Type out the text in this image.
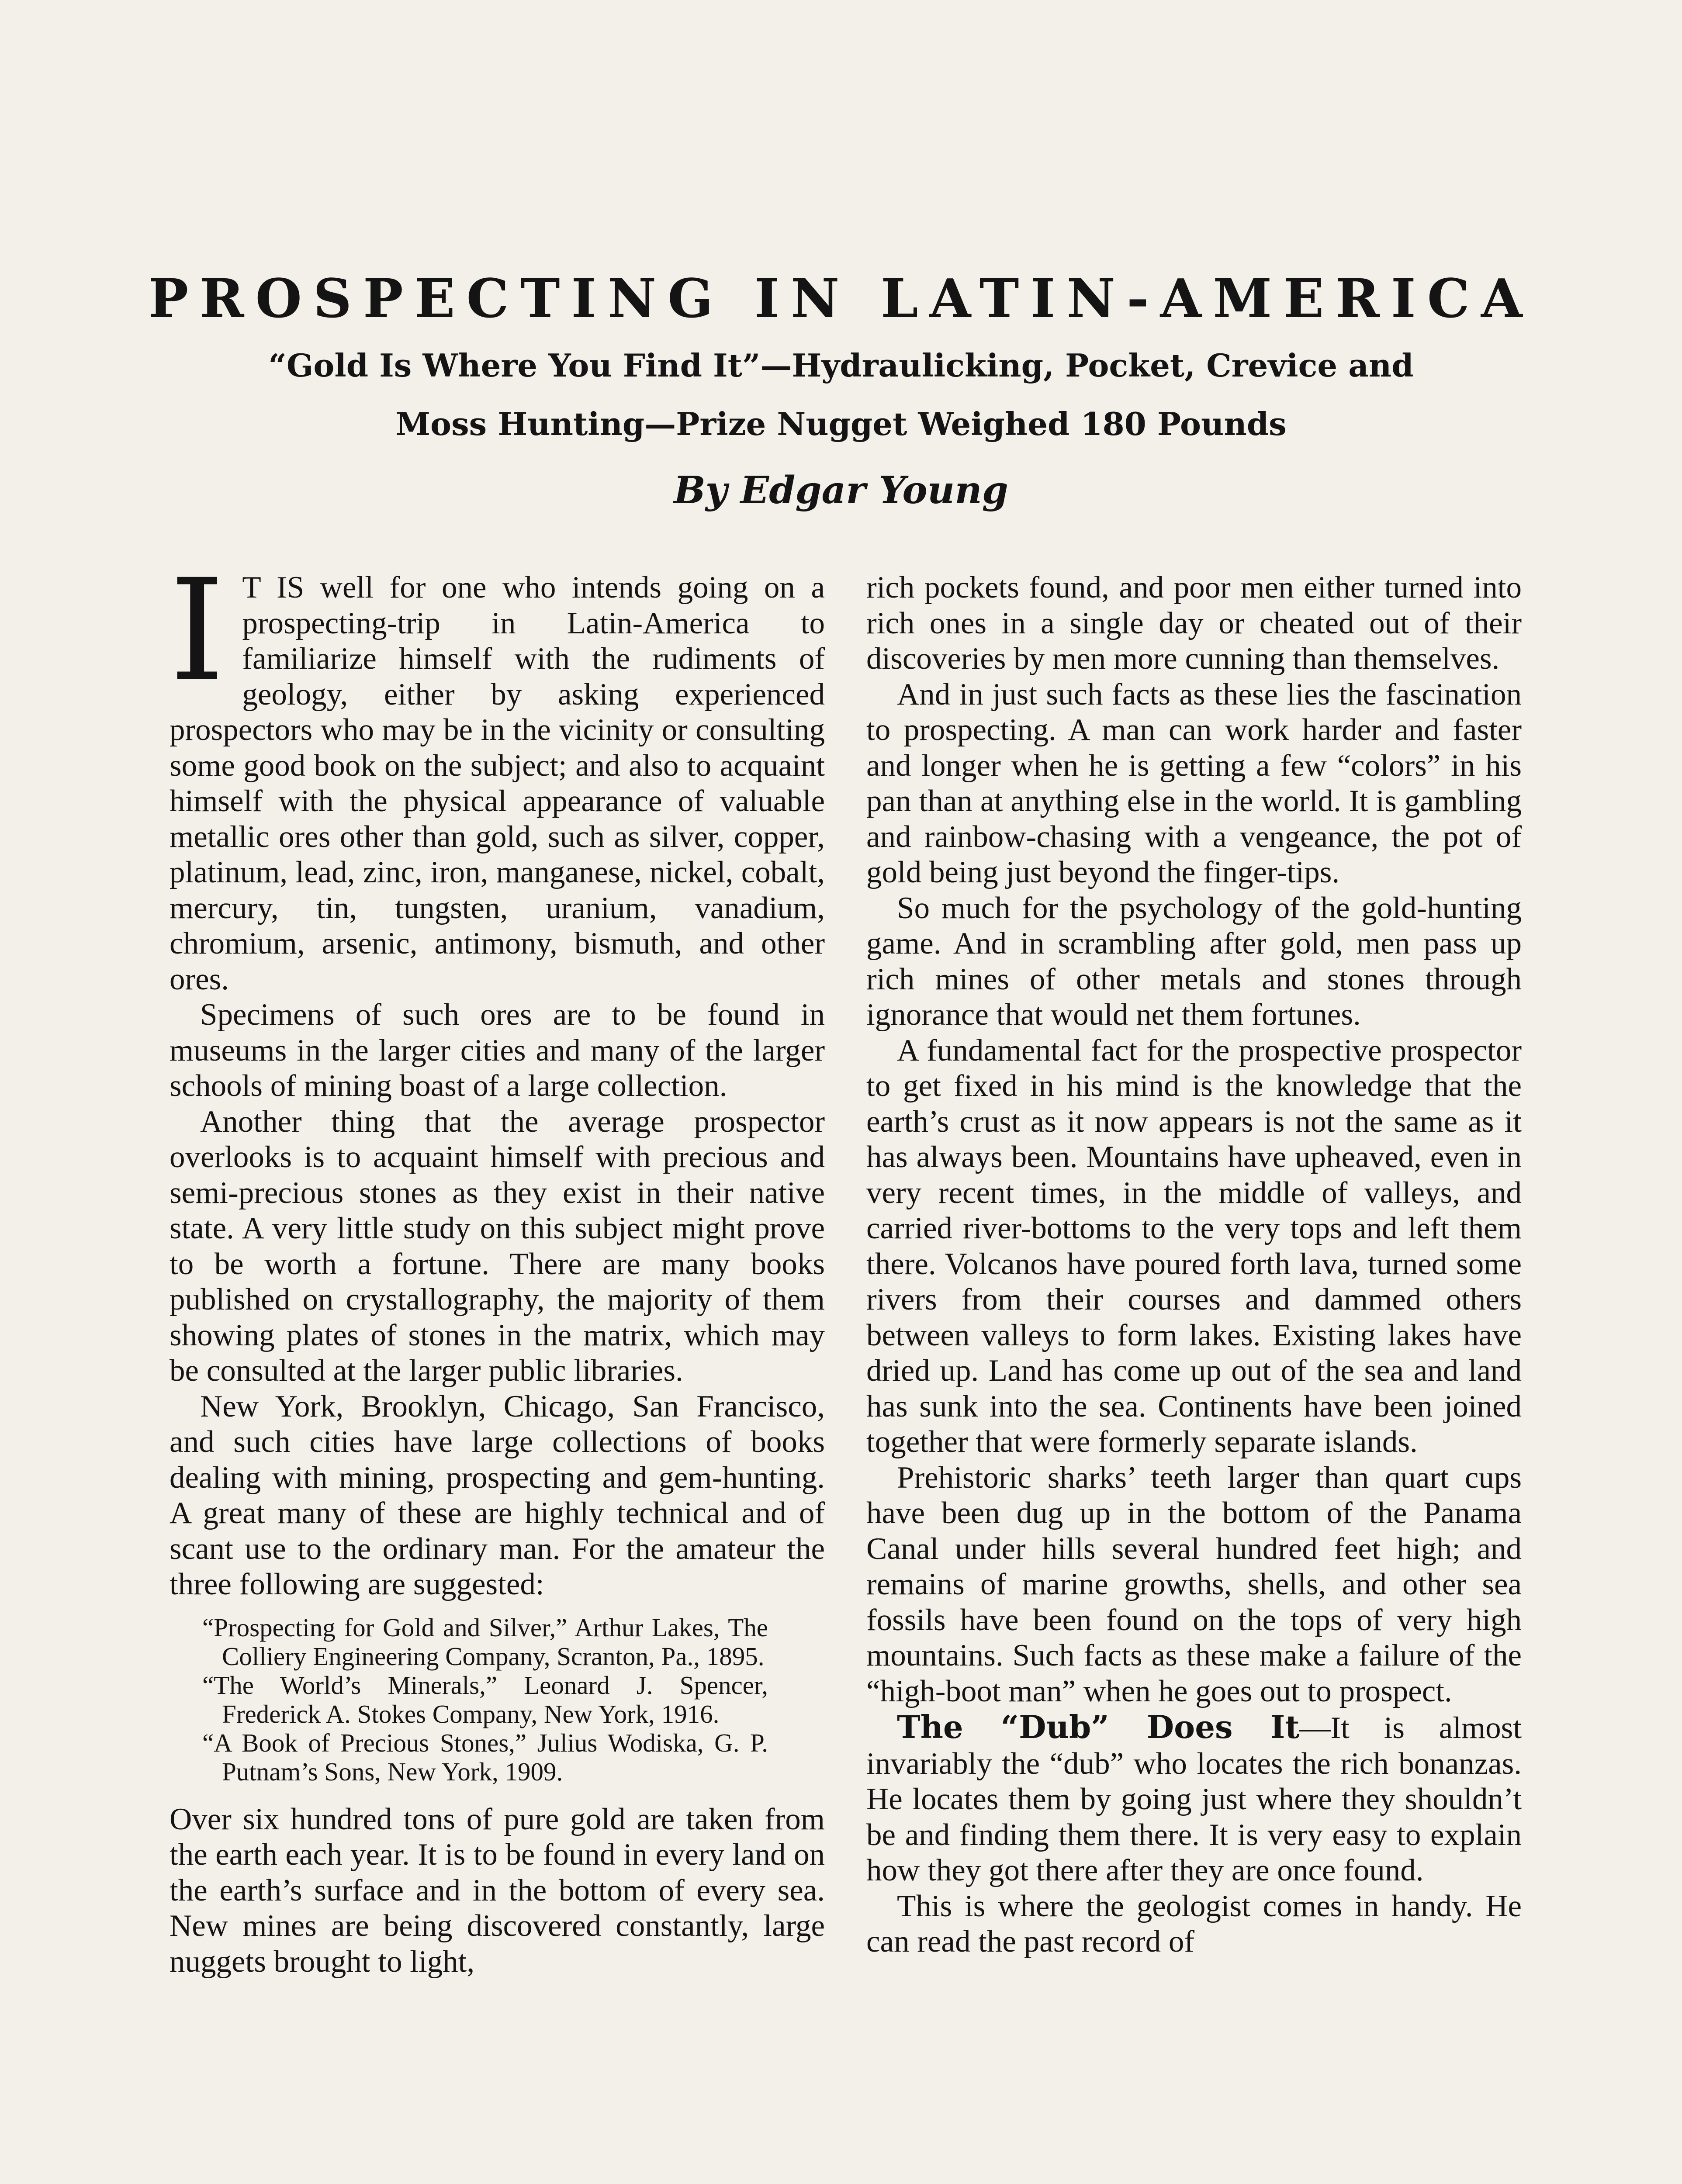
PROSPECTING IN LATIN-AMERICA
“Gold Is Where You Find It”—Hydraulicking, Pocket, Crevice and
Moss Hunting—Prize Nugget Weighed 180 Pounds
By Edgar Young

I T IS well for one who intends going on a prospecting-trip in Latin-America to familiarize himself with the rudiments of geology, either by asking experienced prospectors who may be in the vicinity or consulting some good book on the subject; and also to acquaint himself with the physical appearance of valuable metallic ores other than gold, such as silver, copper, platinum, lead, zinc, iron, manganese, nickel, cobalt, mercury, tin, tungsten, uranium, vanadium, chromium, arsenic, antimony, bismuth, and other ores.

Specimens of such ores are to be found in museums in the larger cities and many of the larger schools of mining boast of a large collection.

Another thing that the average prospector overlooks is to acquaint himself with precious and semi-precious stones as they exist in their native state. A very little study on this subject might prove to be worth a fortune. There are many books published on crystallography, the majority of them showing plates of stones in the matrix, which may be consulted at the larger public libraries.

New York, Brooklyn, Chicago, San Francisco, and such cities have large collections of books dealing with mining, prospecting and gem-hunting. A great many of these are highly technical and of scant use to the ordinary man. For the amateur the three following are suggested:

“Prospecting for Gold and Silver,” Arthur Lakes, The Colliery Engineering Company, Scranton, Pa., 1895.
“The World’s Minerals,” Leonard J. Spencer, Frederick A. Stokes Company, New York, 1916.
“A Book of Precious Stones,” Julius Wodiska, G. P. Putnam’s Sons, New York, 1909.

Over six hundred tons of pure gold are taken from the earth each year. It is to be found in every land on the earth’s surface and in the bottom of every sea. New mines are being discovered constantly, large nuggets brought to light,

rich pockets found, and poor men either turned into rich ones in a single day or cheated out of their discoveries by men more cunning than themselves.

And in just such facts as these lies the fascination to prospecting. A man can work harder and faster and longer when he is getting a few “colors” in his pan than at anything else in the world. It is gambling and rainbow-chasing with a vengeance, the pot of gold being just beyond the finger-tips.

So much for the psychology of the gold-hunting game. And in scrambling after gold, men pass up rich mines of other metals and stones through ignorance that would net them fortunes.

A fundamental fact for the prospective prospector to get fixed in his mind is the knowledge that the earth’s crust as it now appears is not the same as it has always been. Mountains have upheaved, even in very recent times, in the middle of valleys, and carried river-bottoms to the very tops and left them there. Volcanos have poured forth lava, turned some rivers from their courses and dammed others between valleys to form lakes. Existing lakes have dried up. Land has come up out of the sea and land has sunk into the sea. Continents have been joined together that were formerly separate islands.

Prehistoric sharks’ teeth larger than quart cups have been dug up in the bottom of the Panama Canal under hills several hundred feet high; and remains of marine growths, shells, and other sea fossils have been found on the tops of very high mountains. Such facts as these make a failure of the “high-boot man” when he goes out to prospect.

The “Dub” Does It—It is almost invariably the “dub” who locates the rich bonanzas. He locates them by going just where they shouldn’t be and finding them there. It is very easy to explain how they got there after they are once found.

This is where the geologist comes in handy. He can read the past record of
